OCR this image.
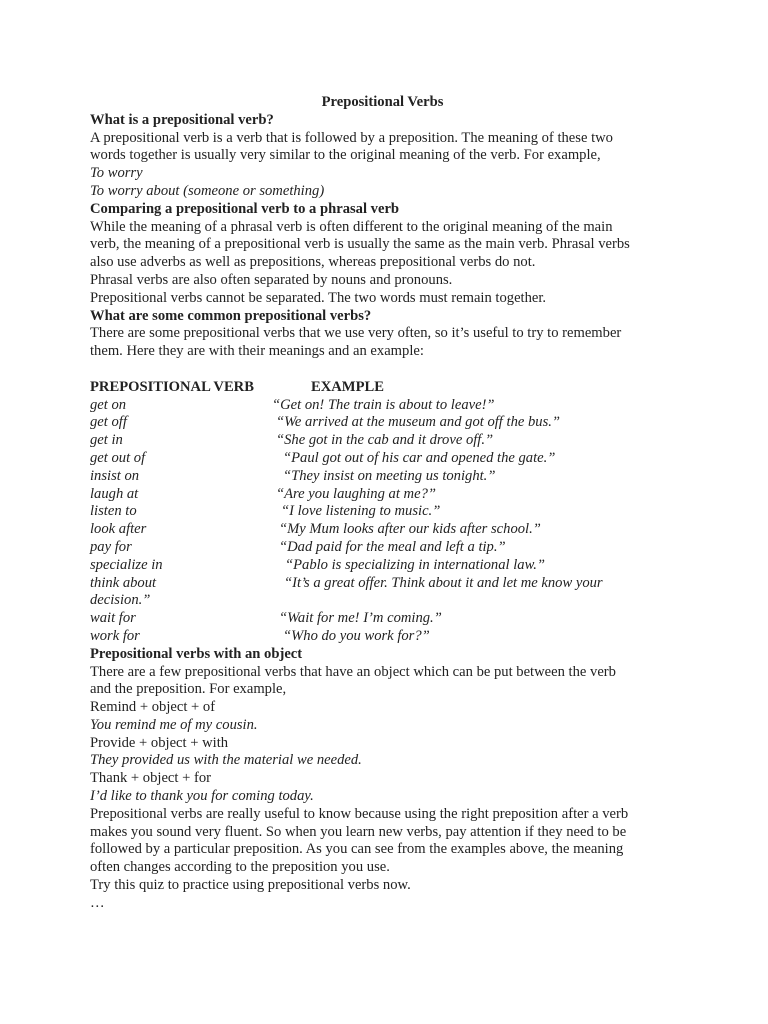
Prepositional Verbs
What is a prepositional verb?
A prepositional verb is a verb that is followed by a preposition. The meaning of these two
words together is usually very similar to the original meaning of the verb. For example,
To worry
To worry about (someone or something)
Comparing a prepositional verb to a phrasal verb
While the meaning of a phrasal verb is often different to the original meaning of the main
verb, the meaning of a prepositional verb is usually the same as the main verb. Phrasal verbs
also use adverbs as well as prepositions, whereas prepositional verbs do not.
Phrasal verbs are also often separated by nouns and pronouns.
Prepositional verbs cannot be separated. The two words must remain together.
What are some common prepositional verbs?
There are some prepositional verbs that we use very often, so it’s useful to try to remember
them. Here they are with their meanings and an example:
PREPOSITIONAL VERB	EXAMPLE
get on	“Get on! The train is about to leave!”
get off	“We arrived at the museum and got off the bus.”
get in	“She got in the cab and it drove off.”
get out of	“Paul got out of his car and opened the gate.”
insist on	“They insist on meeting us tonight.”
laugh at	“Are you laughing at me?”
listen to	“I love listening to music.”
look after	“My Mum looks after our kids after school.”
pay for	“Dad paid for the meal and left a tip.”
specialize in	“Pablo is specializing in international law.”
think about	“It’s a great offer. Think about it and let me know your
decision.”
wait for	“Wait for me! I’m coming.”
work for	“Who do you work for?”
Prepositional verbs with an object
There are a few prepositional verbs that have an object which can be put between the verb
and the preposition. For example,
Remind + object + of
You remind me of my cousin.
Provide + object + with
They provided us with the material we needed.
Thank + object + for
I’d like to thank you for coming today.
Prepositional verbs are really useful to know because using the right preposition after a verb
makes you sound very fluent. So when you learn new verbs, pay attention if they need to be
followed by a particular preposition. As you can see from the examples above, the meaning
often changes according to the preposition you use.
Try this quiz to practice using prepositional verbs now.
…
